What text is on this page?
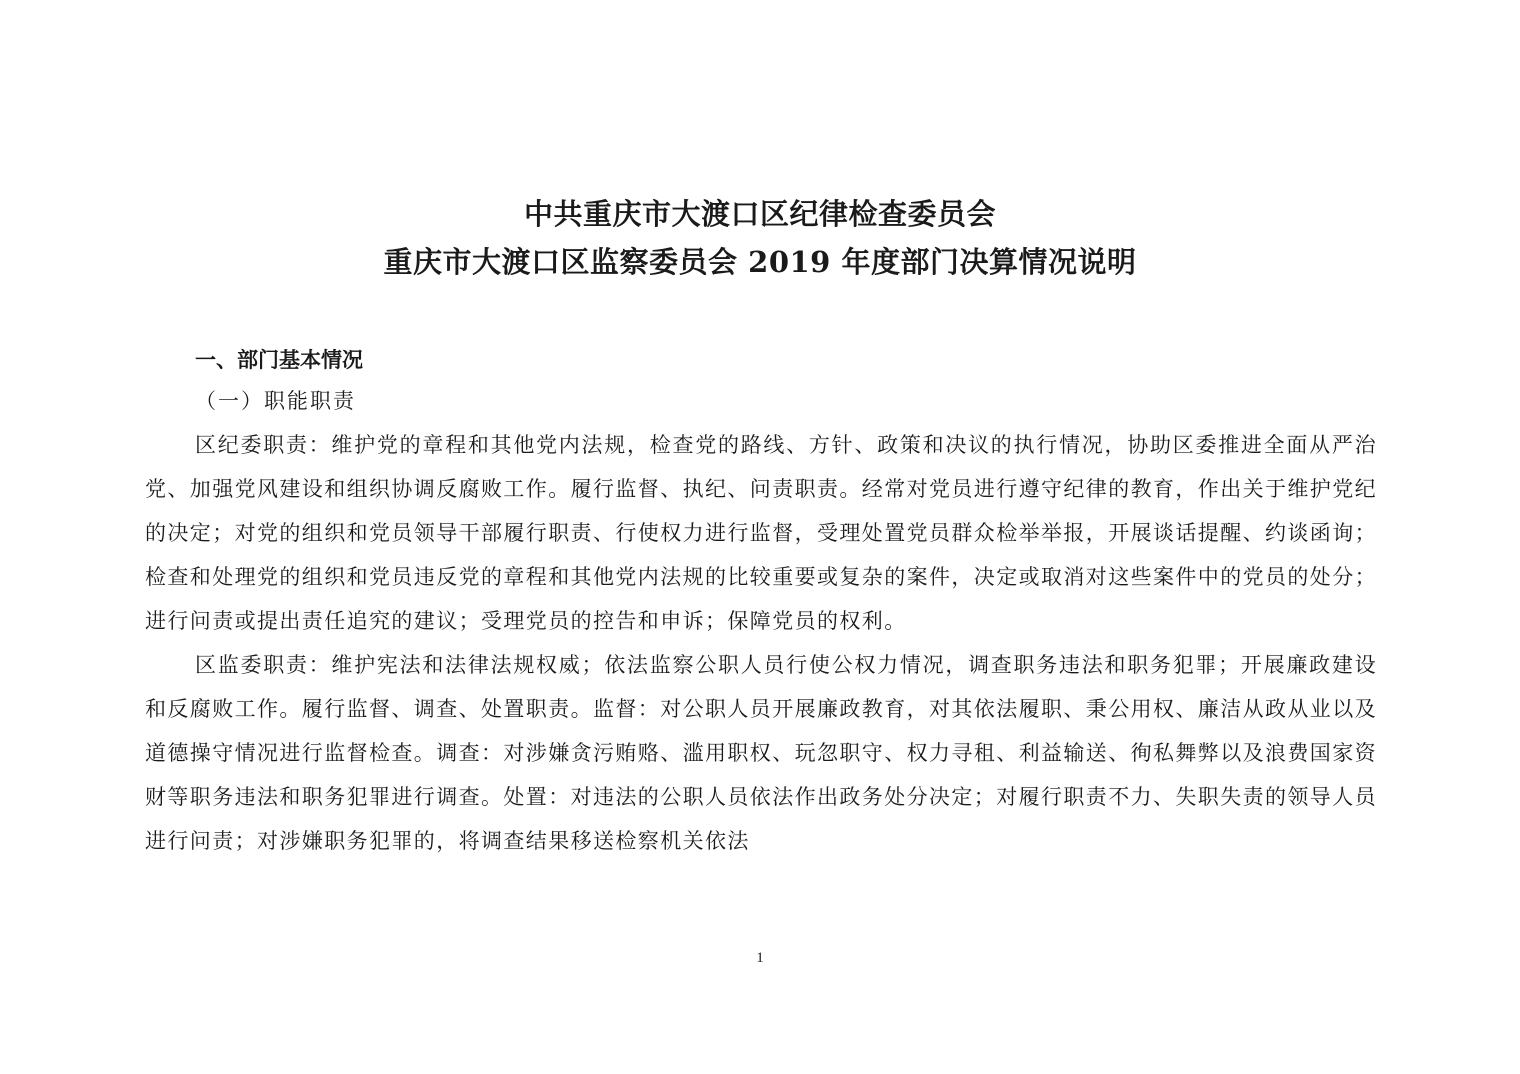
中共重庆市大渡口区纪律检查委员会
重庆市大渡口区监察委员会 2019 年度部门决算情况说明

一、部门基本情况

（一）职能职责

区纪委职责：维护党的章程和其他党内法规，检查党的路线、方针、政策和决议的执行情况，协助区委推进全面从严治党、加强党风建设和组织协调反腐败工作。履行监督、执纪、问责职责。经常对党员进行遵守纪律的教育，作出关于维护党纪的决定；对党的组织和党员领导干部履行职责、行使权力进行监督，受理处置党员群众检举举报，开展谈话提醒、约谈函询；检查和处理党的组织和党员违反党的章程和其他党内法规的比较重要或复杂的案件，决定或取消对这些案件中的党员的处分；进行问责或提出责任追究的建议；受理党员的控告和申诉；保障党员的权利。

区监委职责：维护宪法和法律法规权威；依法监察公职人员行使公权力情况，调查职务违法和职务犯罪；开展廉政建设和反腐败工作。履行监督、调查、处置职责。监督：对公职人员开展廉政教育，对其依法履职、秉公用权、廉洁从政从业以及道德操守情况进行监督检查。调查：对涉嫌贪污贿赂、滥用职权、玩忽职守、权力寻租、利益输送、徇私舞弊以及浪费国家资财等职务违法和职务犯罪进行调查。处置：对违法的公职人员依法作出政务处分决定；对履行职责不力、失职失责的领导人员进行问责；对涉嫌职务犯罪的，将调查结果移送检察机关依法

1
